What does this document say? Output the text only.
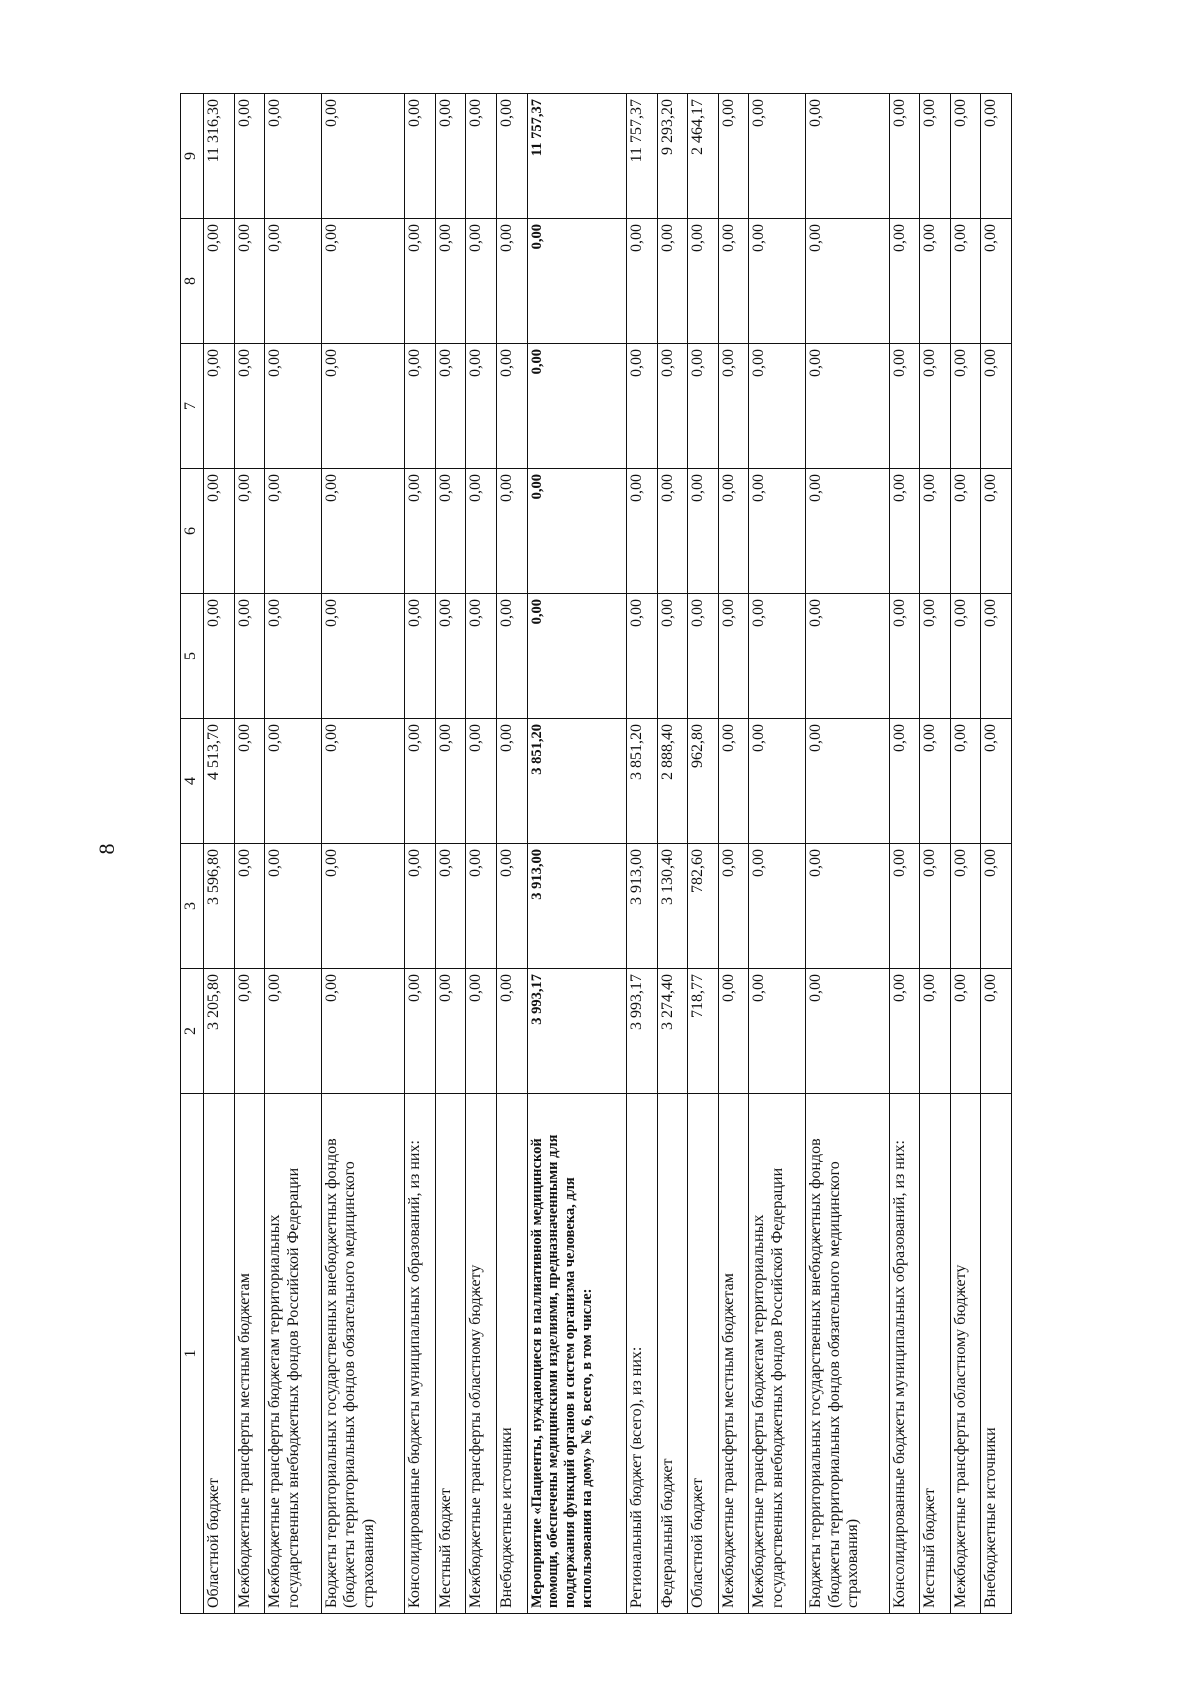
8
1	2	3	4	5	6	7	8	9
Областной бюджет	3 205,80	3 596,80	4 513,70	0,00	0,00	0,00	0,00	11 316,30
Межбюджетные трансферты местным бюджетам	0,00	0,00	0,00	0,00	0,00	0,00	0,00	0,00
Межбюджетные трансферты бюджетам территориальных государственных внебюджетных фондов Российской Федерации	0,00	0,00	0,00	0,00	0,00	0,00	0,00	0,00
Бюджеты территориальных государственных внебюджетных фондов (бюджеты территориальных фондов обязательного медицинского страхования)	0,00	0,00	0,00	0,00	0,00	0,00	0,00	0,00
Консолидированные бюджеты муниципальных образований, из них:	0,00	0,00	0,00	0,00	0,00	0,00	0,00	0,00
Местный бюджет	0,00	0,00	0,00	0,00	0,00	0,00	0,00	0,00
Межбюджетные трансферты областному бюджету	0,00	0,00	0,00	0,00	0,00	0,00	0,00	0,00
Внебюджетные источники	0,00	0,00	0,00	0,00	0,00	0,00	0,00	0,00
Мероприятие «Пациенты, нуждающиеся в паллиативной медицинской помощи, обеспечены медицинскими изделиями, предназначенными для поддержания функций органов и систем организма человека, для использования на дому» № 6, всего, в том числе:	3 993,17	3 913,00	3 851,20	0,00	0,00	0,00	0,00	11 757,37
Региональный бюджет (всего), из них:	3 993,17	3 913,00	3 851,20	0,00	0,00	0,00	0,00	11 757,37
Федеральный бюджет	3 274,40	3 130,40	2 888,40	0,00	0,00	0,00	0,00	9 293,20
Областной бюджет	718,77	782,60	962,80	0,00	0,00	0,00	0,00	2 464,17
Межбюджетные трансферты местным бюджетам	0,00	0,00	0,00	0,00	0,00	0,00	0,00	0,00
Межбюджетные трансферты бюджетам территориальных государственных внебюджетных фондов Российской Федерации	0,00	0,00	0,00	0,00	0,00	0,00	0,00	0,00
Бюджеты территориальных государственных внебюджетных фондов (бюджеты территориальных фондов обязательного медицинского страхования)	0,00	0,00	0,00	0,00	0,00	0,00	0,00	0,00
Консолидированные бюджеты муниципальных образований, из них:	0,00	0,00	0,00	0,00	0,00	0,00	0,00	0,00
Местный бюджет	0,00	0,00	0,00	0,00	0,00	0,00	0,00	0,00
Межбюджетные трансферты областному бюджету	0,00	0,00	0,00	0,00	0,00	0,00	0,00	0,00
Внебюджетные источники	0,00	0,00	0,00	0,00	0,00	0,00	0,00	0,00
